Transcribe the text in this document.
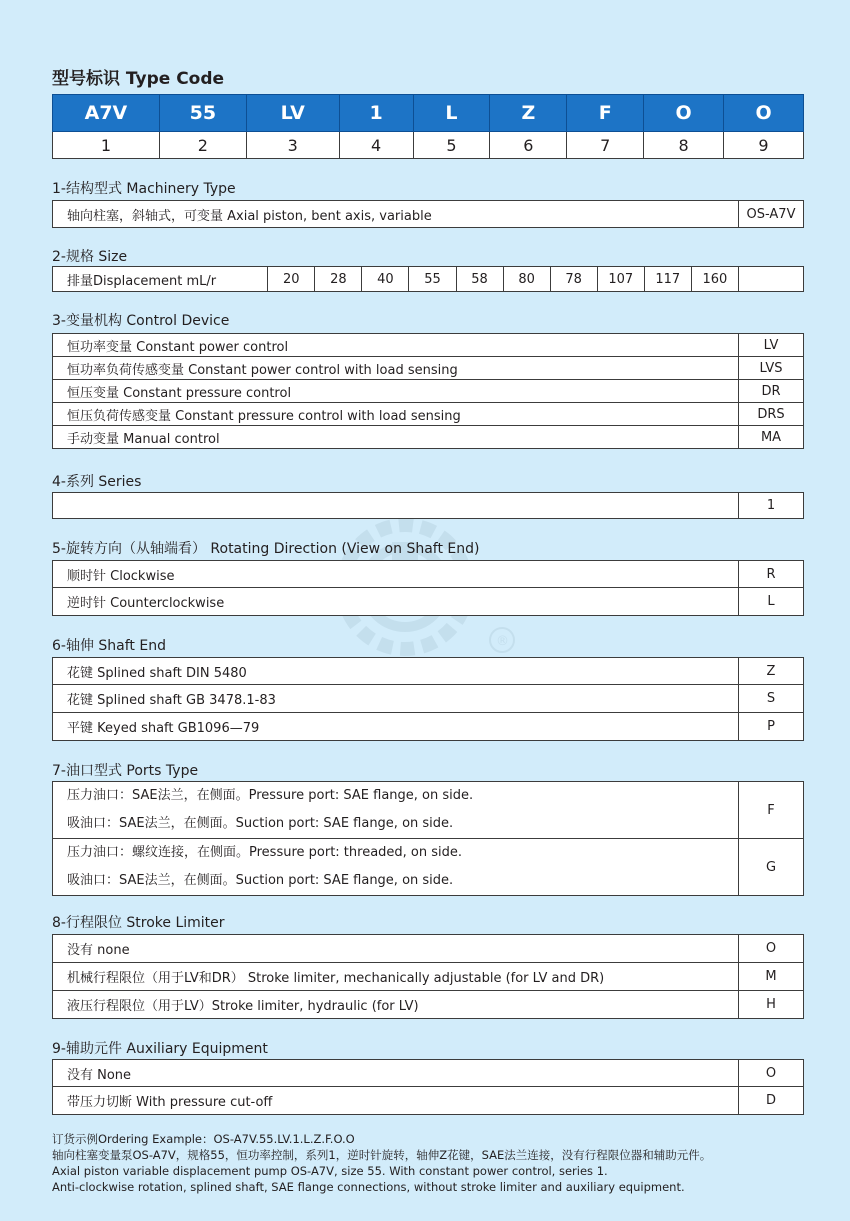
®
型号标识 Type Code
A7V	55	LV	1	L	Z	F	O	O
1	2	3	4	5	6	7	8	9
1-结构型式 Machinery Type
轴向柱塞，斜轴式，可变量 Axial piston, bent axis, variable	OS-A7V
2-规格 Size
排量Displacement mL/r	20	28	40	55	58	80	78	107	117	160	
3-变量机构 Control Device
恒功率变量 Constant power control	LV
恒功率负荷传感变量 Constant power control with load sensing	LVS
恒压变量 Constant pressure control	DR
恒压负荷传感变量 Constant pressure control with load sensing	DRS
手动变量 Manual control	MA
4-系列 Series
	1
5-旋转方向（从轴端看） Rotating Direction (View on Shaft End)
顺时针 Clockwise	R
逆时针 Counterclockwise	L
6-轴伸 Shaft End
花键 Splined shaft DIN 5480	Z
花键 Splined shaft GB 3478.1-83	S
平键 Keyed shaft GB1096—79	P
7-油口型式 Ports Type
压力油口：SAE法兰，在侧面。Pressure port: SAE flange, on side.
吸油口：SAE法兰，在侧面。Suction port: SAE flange, on side.	F

压力油口：螺纹连接，在侧面。Pressure port: threaded, on side.
吸油口：SAE法兰，在侧面。Suction port: SAE flange, on side.	G
8-行程限位 Stroke Limiter
没有 none	O
机械行程限位（用于LV和DR） Stroke limiter, mechanically adjustable (for LV and DR)	M
液压行程限位（用于LV）Stroke limiter, hydraulic (for LV)	H
9-辅助元件 Auxiliary Equipment
没有 None	O
带压力切断 With pressure cut-off	D
订货示例Ordering Example：OS-A7V.55.LV.1.L.Z.F.O.O
轴向柱塞变量泵OS-A7V，规格55，恒功率控制，系列1，逆时针旋转，轴伸Z花键，SAE法兰连接，没有行程限位器和辅助元件。
Axial piston variable displacement pump OS-A7V, size 55. With constant power control, series 1.
Anti-clockwise rotation, splined shaft, SAE flange connections, without stroke limiter and auxiliary equipment.
